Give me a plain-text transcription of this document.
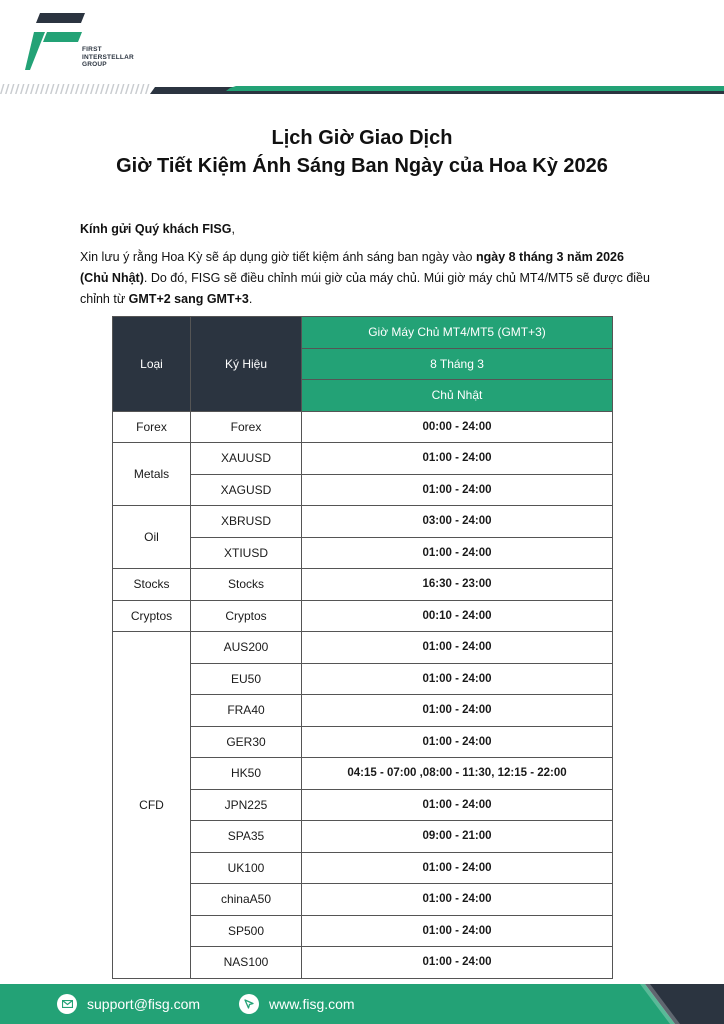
FIRST
INTERSTELLAR
GROUP
Lịch Giờ Giao Dịch
Giờ Tiết Kiệm Ánh Sáng Ban Ngày của Hoa Kỳ 2026

Kính gửi Quý khách FISG,

Xin lưu ý rằng Hoa Kỳ sẽ áp dụng giờ tiết kiệm ánh sáng ban ngày vào ngày 8 tháng 3 năm 2026 (Chủ Nhật). Do đó, FISG sẽ điều chỉnh múi giờ của máy chủ. Múi giờ máy chủ MT4/MT5 sẽ được điều chỉnh từ GMT+2 sang GMT+3.

Loại	Ký Hiệu	Giờ Máy Chủ MT4/MT5 (GMT+3)
		8 Tháng 3
		Chủ Nhật
Forex	Forex	00:00 - 24:00
Metals	XAUUSD	01:00 - 24:00
	XAGUSD	01:00 - 24:00
Oil	XBRUSD	03:00 - 24:00
	XTIUSD	01:00 - 24:00
Stocks	Stocks	16:30 - 23:00
Cryptos	Cryptos	00:10 - 24:00
CFD	AUS200	01:00 - 24:00
	EU50	01:00 - 24:00
	FRA40	01:00 - 24:00
	GER30	01:00 - 24:00
	HK50	04:15 - 07:00 ,08:00 - 11:30, 12:15 - 22:00
	JPN225	01:00 - 24:00
	SPA35	09:00 - 21:00
	UK100	01:00 - 24:00
	chinaA50	01:00 - 24:00
	SP500	01:00 - 24:00
	NAS100	01:00 - 24:00
support@fisg.com	www.fisg.com
